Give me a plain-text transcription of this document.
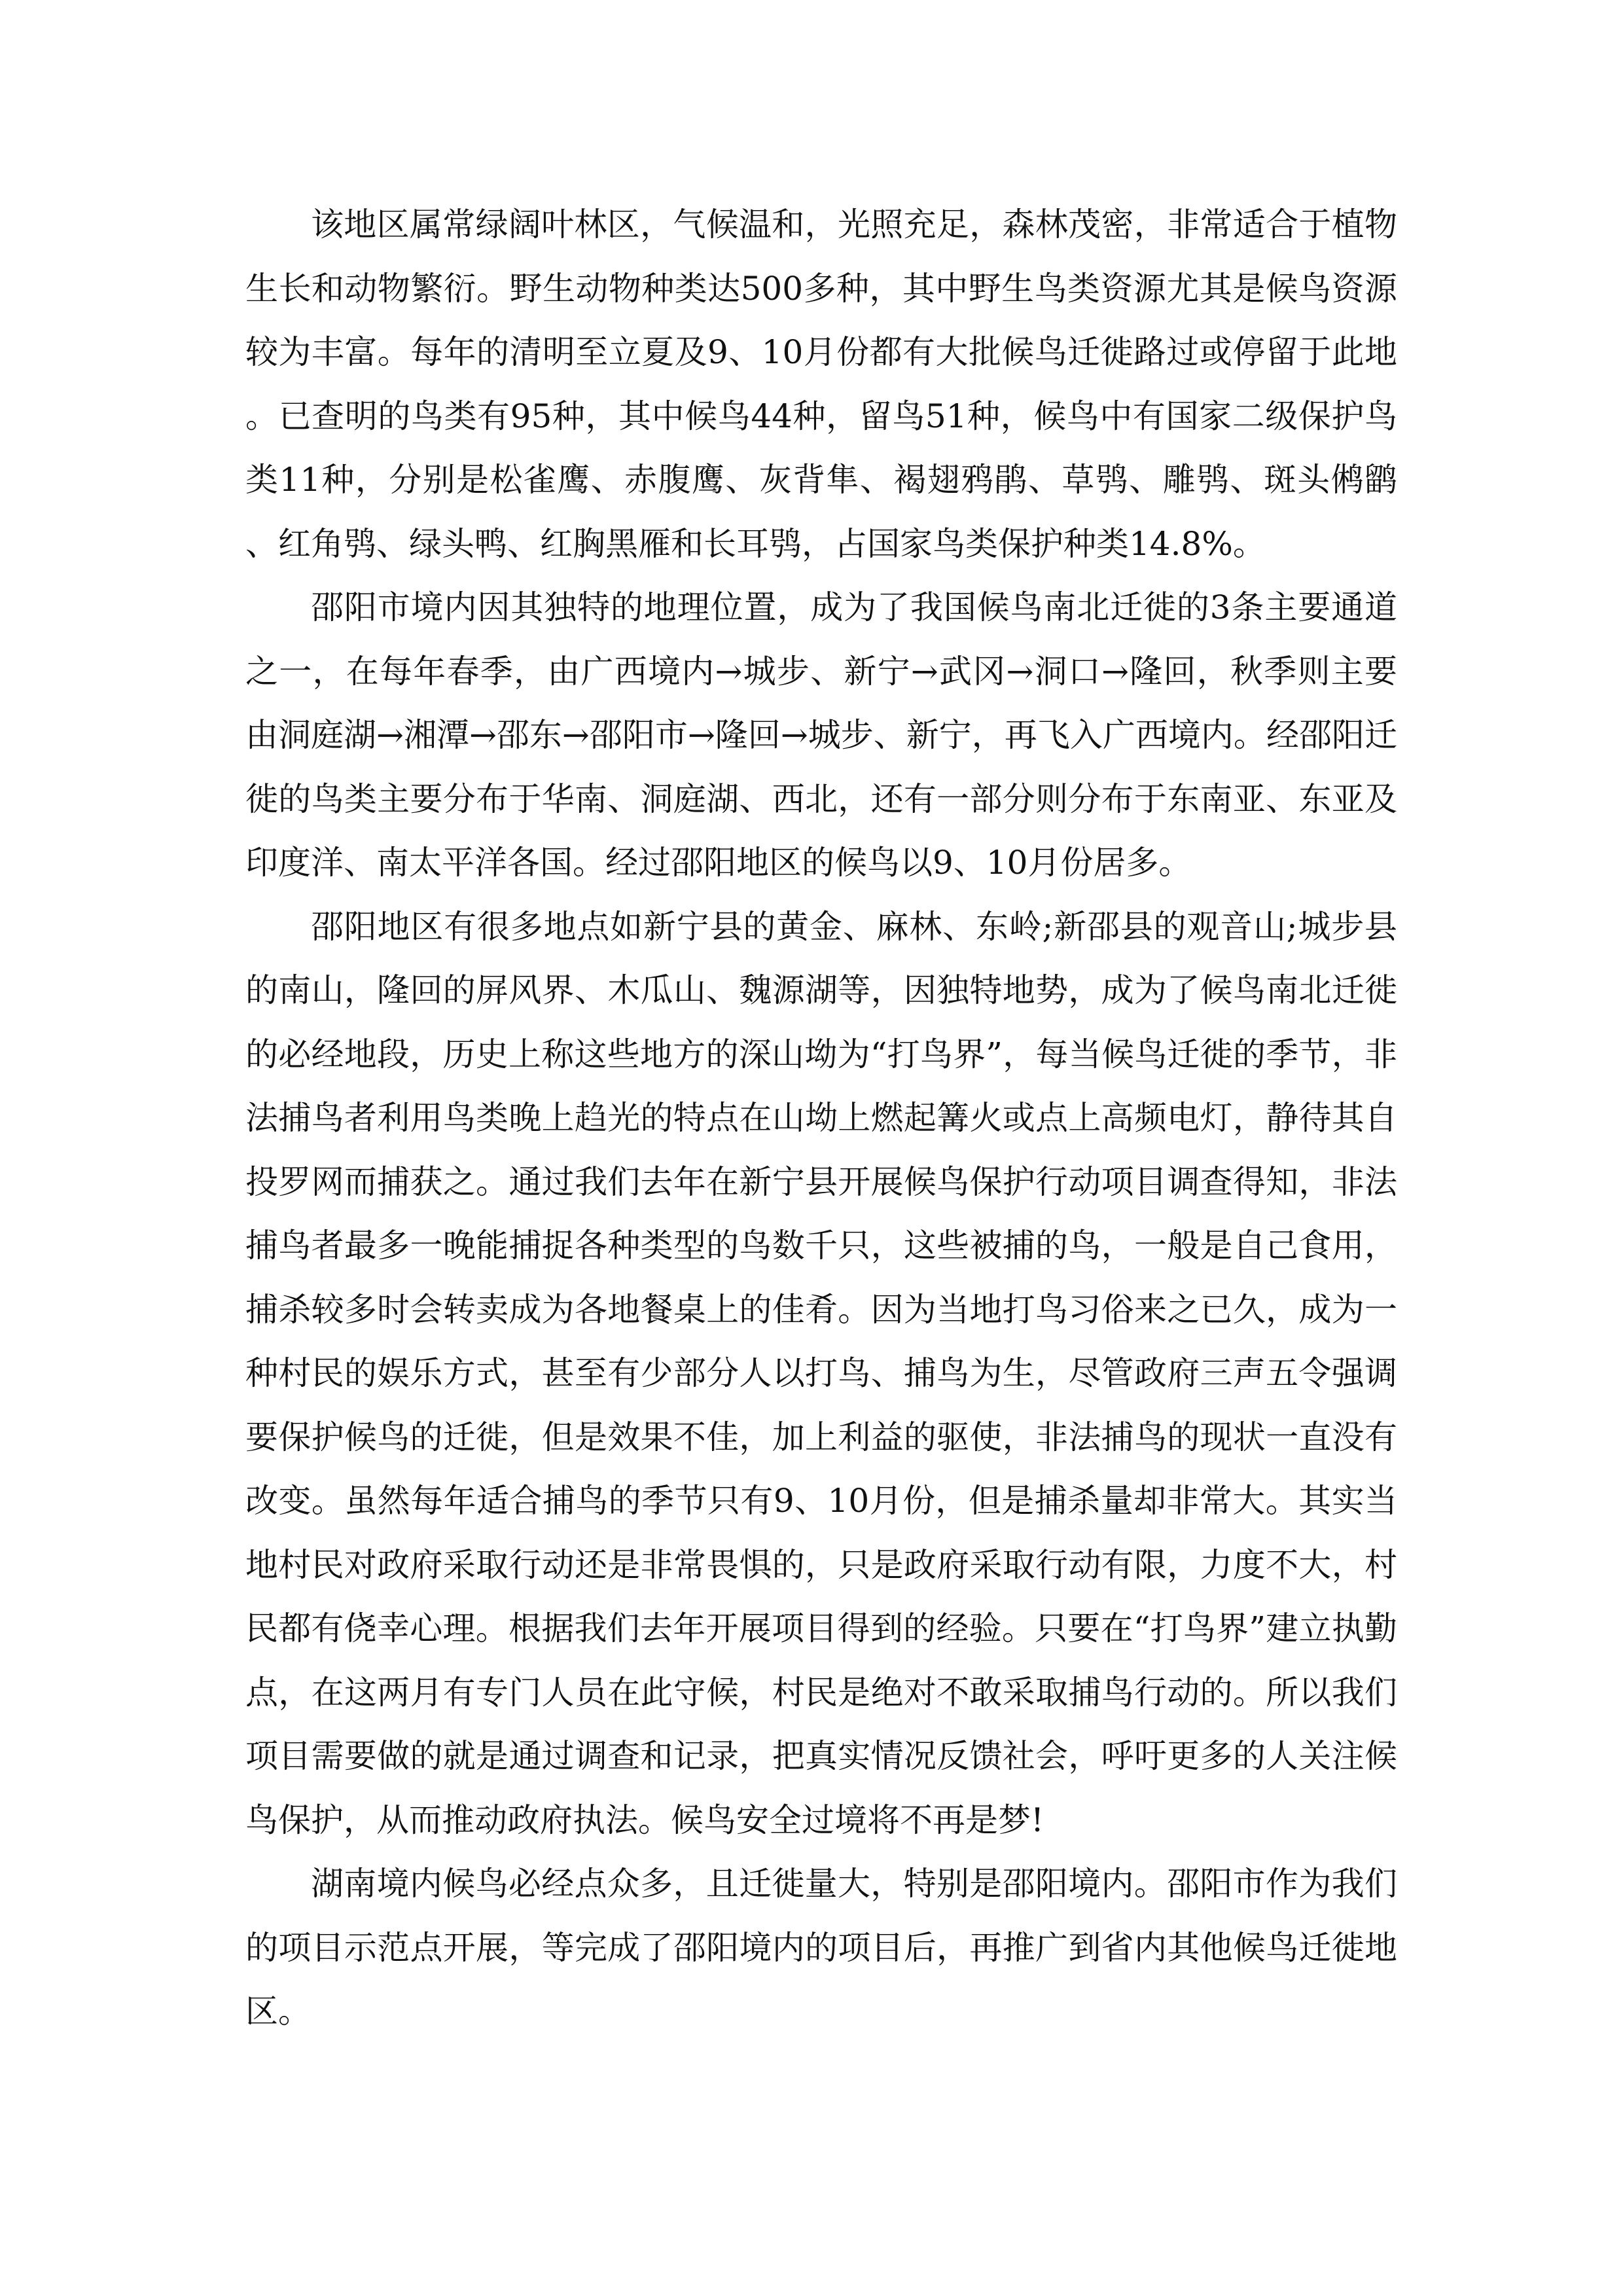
该地区属常绿阔叶林区，气候温和，光照充足，森林茂密，非常适合于植物生长和动物繁衍。野生动物种类达500多种，其中野生鸟类资源尤其是候鸟资源较为丰富。每年的清明至立夏及9、10月份都有大批候鸟迁徙路过或停留于此地。已查明的鸟类有95种，其中候鸟44种，留鸟51种，候鸟中有国家二级保护鸟类11种，分别是松雀鹰、赤腹鹰、灰背隼、褐翅鸦鹃、草鸮、雕鸮、斑头鸺鹠、红角鸮、绿头鸭、红胸黑雁和长耳鸮，占国家鸟类保护种类14.8%。

邵阳市境内因其独特的地理位置，成为了我国候鸟南北迁徙的3条主要通道之一，在每年春季，由广西境内→城步、新宁→武冈→洞口→隆回，秋季则主要由洞庭湖→湘潭→邵东→邵阳市→隆回→城步、新宁，再飞入广西境内。经邵阳迁徙的鸟类主要分布于华南、洞庭湖、西北，还有一部分则分布于东南亚、东亚及印度洋、南太平洋各国。经过邵阳地区的候鸟以9、10月份居多。

邵阳地区有很多地点如新宁县的黄金、麻林、东岭;新邵县的观音山;城步县的南山，隆回的屏风界、木瓜山、魏源湖等，因独特地势，成为了候鸟南北迁徙的必经地段，历史上称这些地方的深山坳为“打鸟界”，每当候鸟迁徙的季节，非法捕鸟者利用鸟类晚上趋光的特点在山坳上燃起篝火或点上高频电灯，静待其自投罗网而捕获之。通过我们去年在新宁县开展候鸟保护行动项目调查得知，非法捕鸟者最多一晚能捕捉各种类型的鸟数千只，这些被捕的鸟，一般是自己食用，捕杀较多时会转卖成为各地餐桌上的佳肴。因为当地打鸟习俗来之已久，成为一种村民的娱乐方式，甚至有少部分人以打鸟、捕鸟为生，尽管政府三声五令强调要保护候鸟的迁徙，但是效果不佳，加上利益的驱使，非法捕鸟的现状一直没有改变。虽然每年适合捕鸟的季节只有9、10月份，但是捕杀量却非常大。其实当地村民对政府采取行动还是非常畏惧的，只是政府采取行动有限，力度不大，村民都有侥幸心理。根据我们去年开展项目得到的经验。只要在“打鸟界”建立执勤点，在这两月有专门人员在此守候，村民是绝对不敢采取捕鸟行动的。所以我们项目需要做的就是通过调查和记录，把真实情况反馈社会，呼吁更多的人关注候鸟保护，从而推动政府执法。候鸟安全过境将不再是梦!

湖南境内候鸟必经点众多，且迁徙量大，特别是邵阳境内。邵阳市作为我们的项目示范点开展，等完成了邵阳境内的项目后，再推广到省内其他候鸟迁徙地区。
